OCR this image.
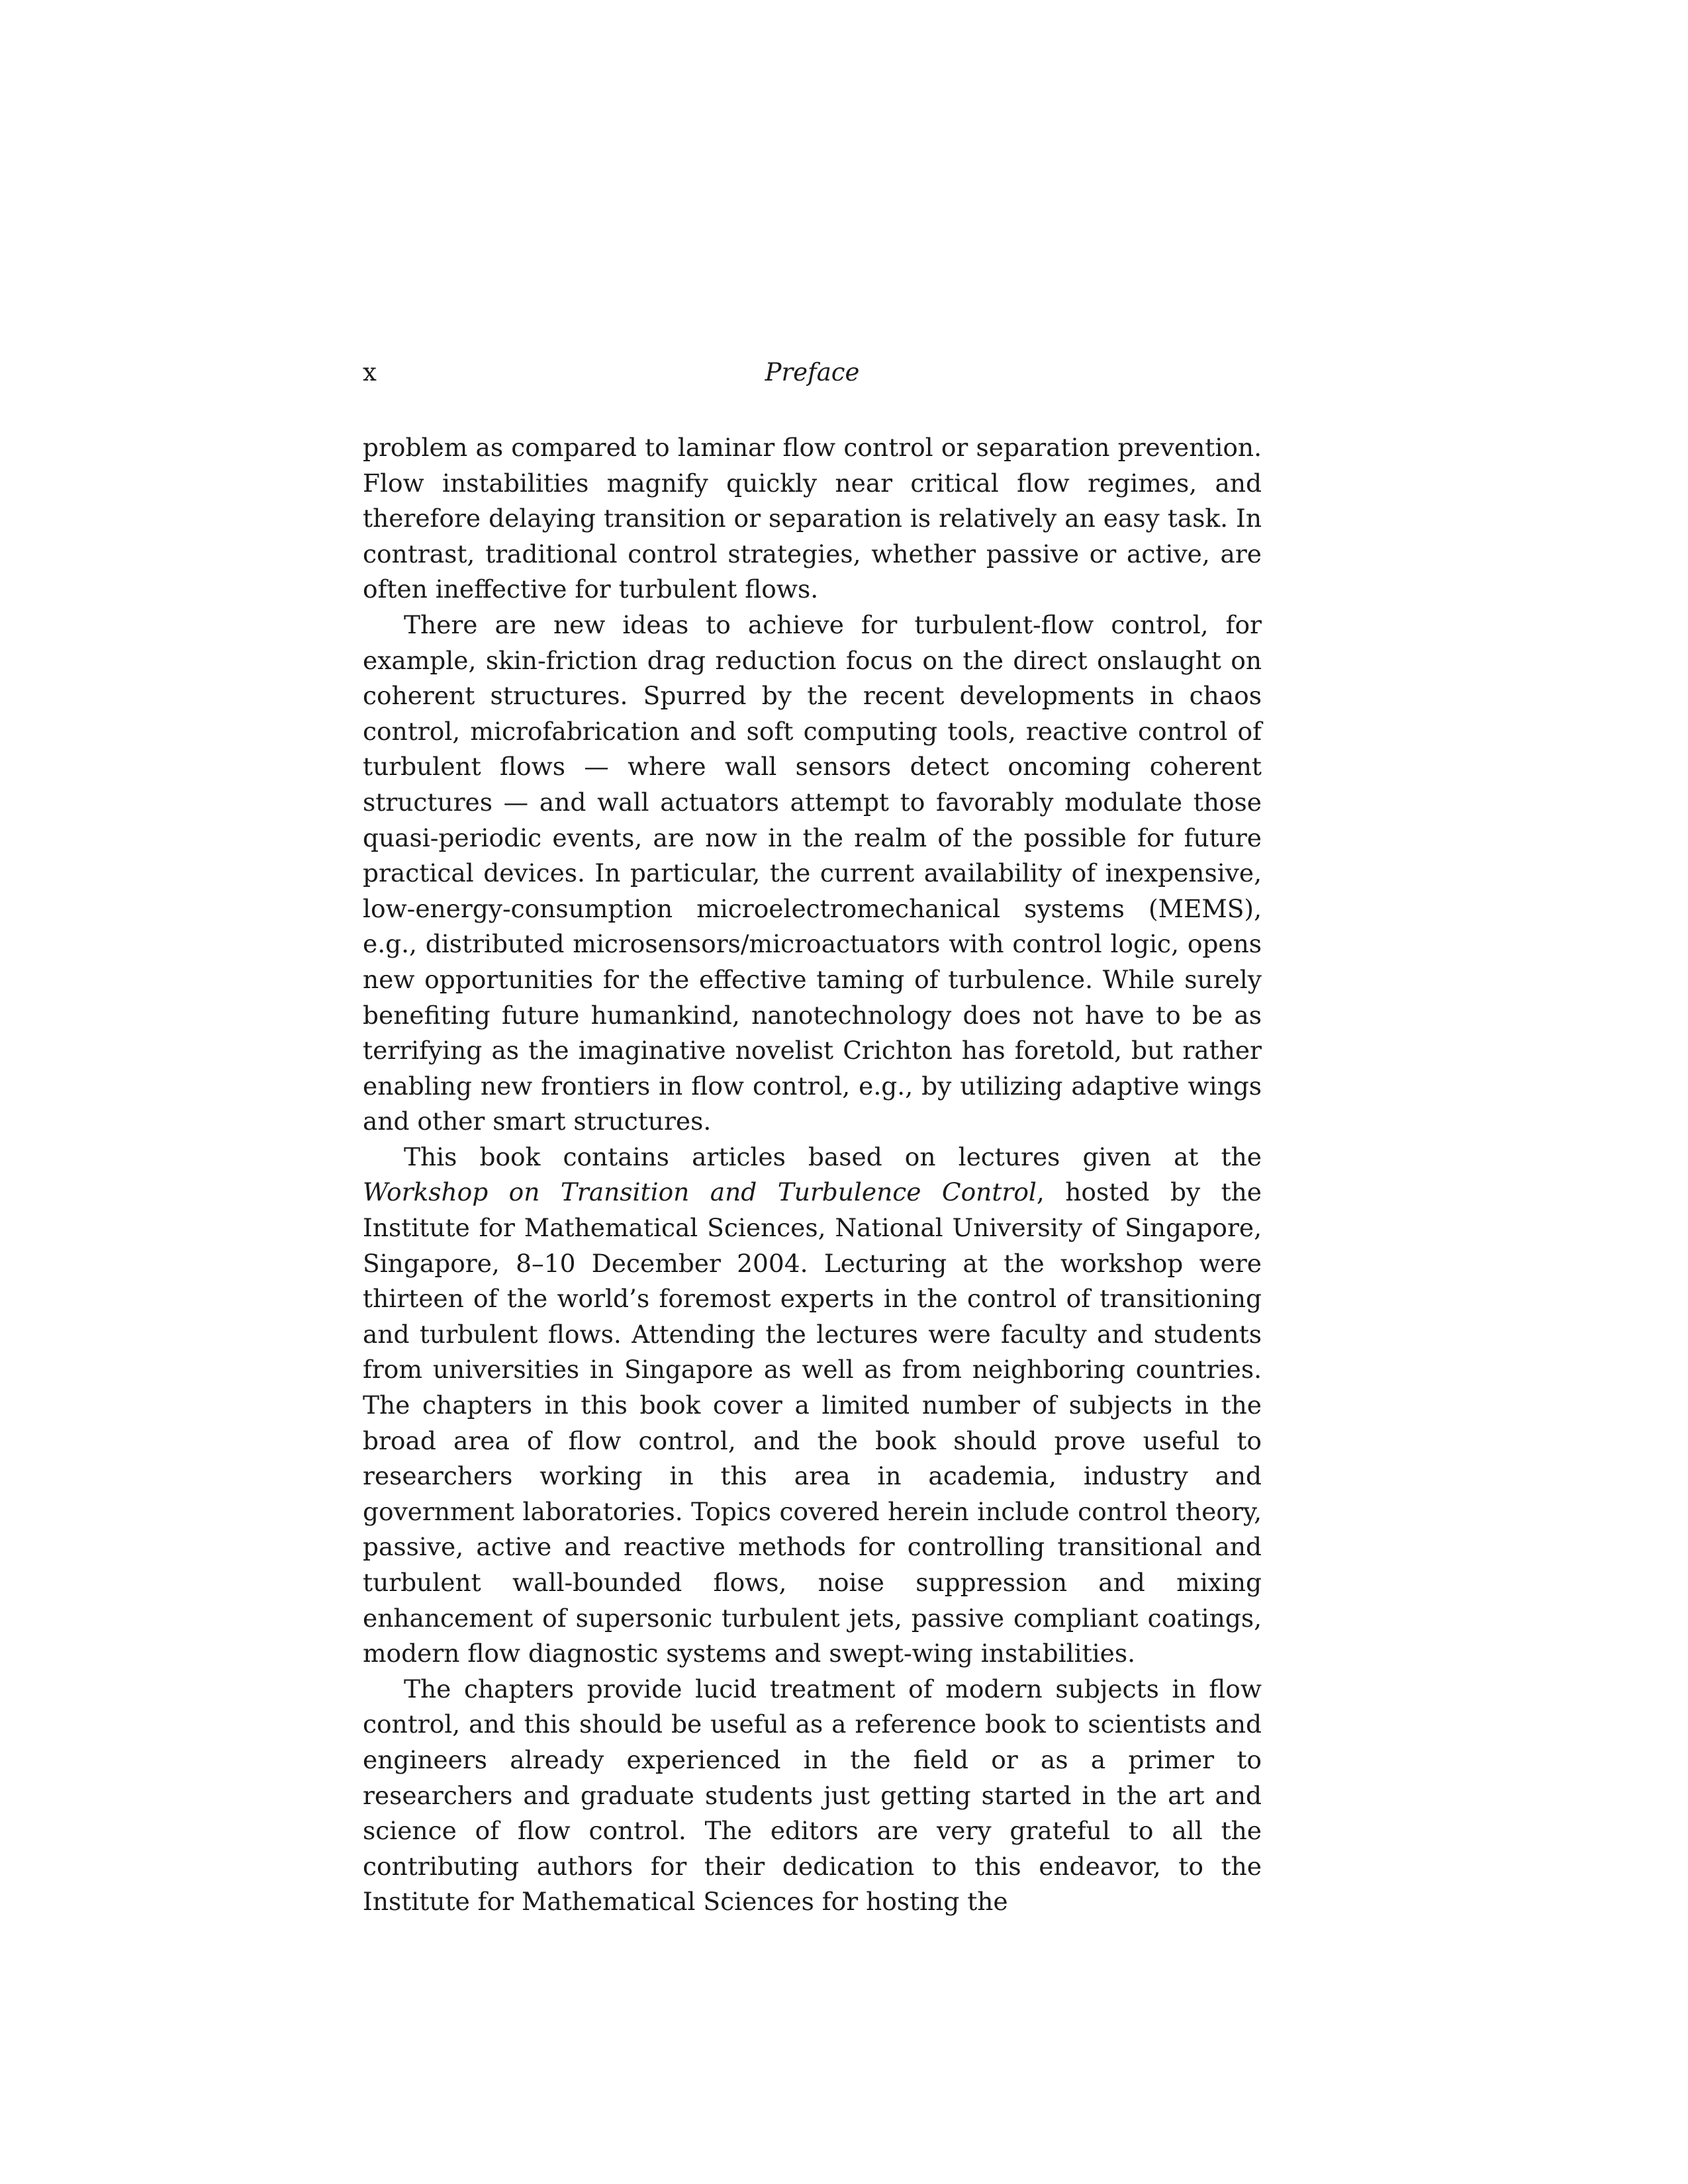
x	Preface

problem as compared to laminar flow control or separation prevention. Flow instabilities magnify quickly near critical flow regimes, and therefore delaying transition or separation is relatively an easy task. In contrast, traditional control strategies, whether passive or active, are often ineffective for turbulent flows.

There are new ideas to achieve for turbulent-flow control, for example, skin-friction drag reduction focus on the direct onslaught on coherent structures. Spurred by the recent developments in chaos control, microfabrication and soft computing tools, reactive control of turbulent flows — where wall sensors detect oncoming coherent structures — and wall actuators attempt to favorably modulate those quasi-periodic events, are now in the realm of the possible for future practical devices. In particular, the current availability of inexpensive, low-energy-consumption microelectromechanical systems (MEMS), e.g., distributed microsensors/microactuators with control logic, opens new opportunities for the effective taming of turbulence. While surely benefiting future humankind, nanotechnology does not have to be as terrifying as the imaginative novelist Crichton has foretold, but rather enabling new frontiers in flow control, e.g., by utilizing adaptive wings and other smart structures.

This book contains articles based on lectures given at the Workshop on Transition and Turbulence Control, hosted by the Institute for Mathematical Sciences, National University of Singapore, Singapore, 8–10 December 2004. Lecturing at the workshop were thirteen of the world’s foremost experts in the control of transitioning and turbulent flows. Attending the lectures were faculty and students from universities in Singapore as well as from neighboring countries. The chapters in this book cover a limited number of subjects in the broad area of flow control, and the book should prove useful to researchers working in this area in academia, industry and government laboratories. Topics covered herein include control theory, passive, active and reactive methods for controlling transitional and turbulent wall-bounded flows, noise suppression and mixing enhancement of supersonic turbulent jets, passive compliant coatings, modern flow diagnostic systems and swept-wing instabilities.

The chapters provide lucid treatment of modern subjects in flow control, and this should be useful as a reference book to scientists and engineers already experienced in the field or as a primer to researchers and graduate students just getting started in the art and science of flow control. The editors are very grateful to all the contributing authors for their dedication to this endeavor, to the Institute for Mathematical Sciences for hosting the
